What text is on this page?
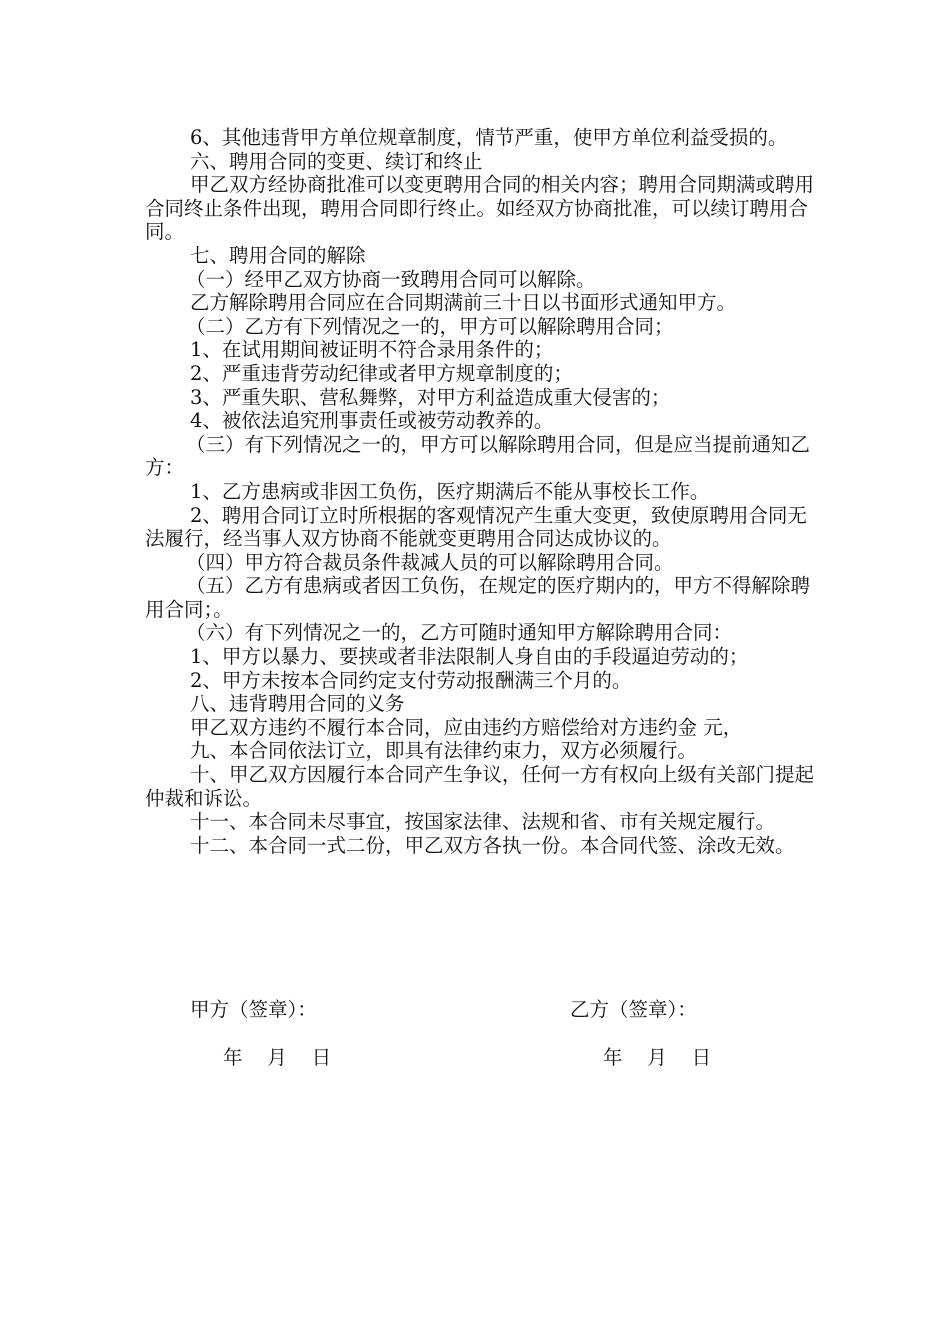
6、其他违背甲方单位规章制度，情节严重，使甲方单位利益受损的。

六、聘用合同的变更、续订和终止

甲乙双方经协商批准可以变更聘用合同的相关内容；聘用合同期满或聘用合同终止条件出现，聘用合同即行终止。如经双方协商批准，可以续订聘用合同。

七、聘用合同的解除

（一）经甲乙双方协商一致聘用合同可以解除。

乙方解除聘用合同应在合同期满前三十日以书面形式通知甲方。

（二）乙方有下列情况之一的，甲方可以解除聘用合同；

1、在试用期间被证明不符合录用条件的；

2、严重违背劳动纪律或者甲方规章制度的；

3、严重失职、营私舞弊，对甲方利益造成重大侵害的；

4、被依法追究刑事责任或被劳动教养的。

（三）有下列情况之一的，甲方可以解除聘用合同，但是应当提前通知乙方：

1、乙方患病或非因工负伤，医疗期满后不能从事校长工作。

2、聘用合同订立时所根据的客观情况产生重大变更，致使原聘用合同无法履行，经当事人双方协商不能就变更聘用合同达成协议的。

（四）甲方符合裁员条件裁减人员的可以解除聘用合同。

（五）乙方有患病或者因工负伤，在规定的医疗期内的，甲方不得解除聘用合同；。

（六）有下列情况之一的，乙方可随时通知甲方解除聘用合同：

1、甲方以暴力、要挟或者非法限制人身自由的手段逼迫劳动的；

2、甲方未按本合同约定支付劳动报酬满三个月的。

八、违背聘用合同的义务

甲乙双方违约不履行本合同，应由违约方赔偿给对方违约金 元，

九、本合同依法订立，即具有法律约束力，双方必须履行。

十、甲乙双方因履行本合同产生争议，任何一方有权向上级有关部门提起仲裁和诉讼。

十一、本合同未尽事宜，按国家法律、法规和省、市有关规定履行。

十二、本合同一式二份，甲乙双方各执一份。本合同代签、涂改无效。

甲方（签章）：	乙方（签章）：
年    月    日	年    月    日
